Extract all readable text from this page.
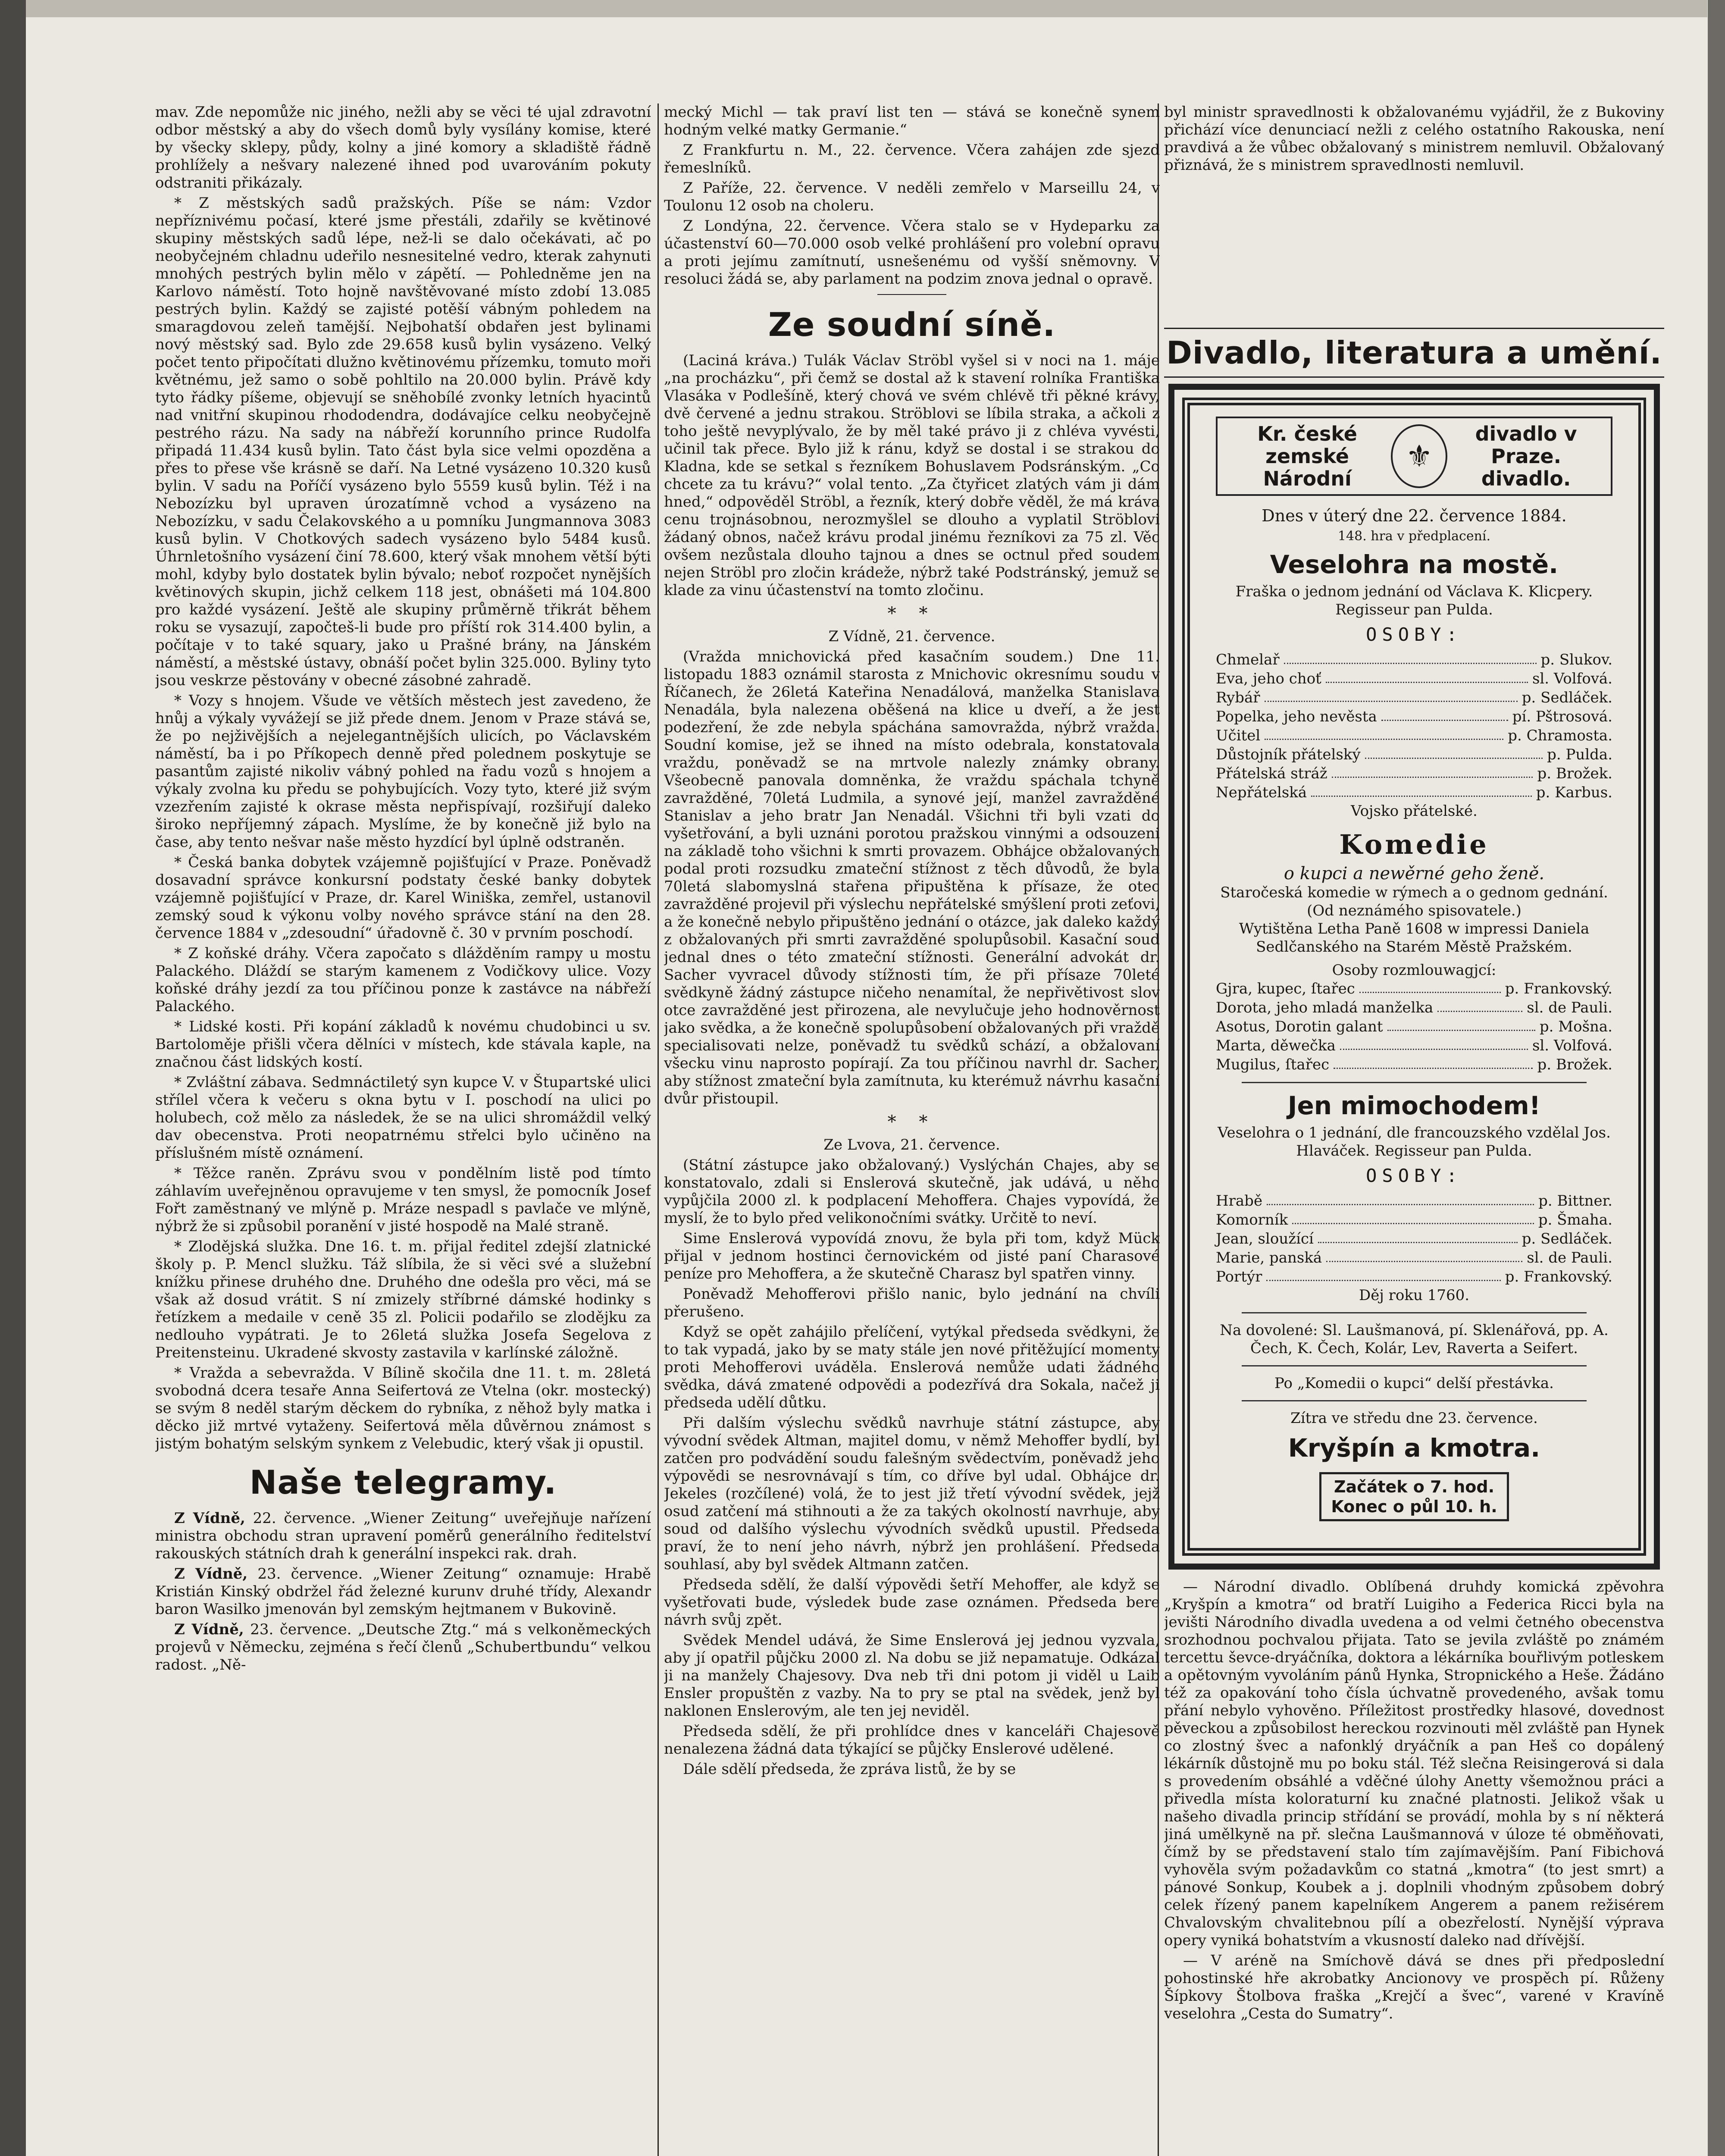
mav. Zde nepomůže nic jiného, nežli aby se věci té ujal zdravotní odbor městský a aby do všech domů byly vysílány komise, které by všecky sklepy, půdy, kolny a jiné komory a skladiště řádně prohlížely a nešvary nalezené ihned pod uvarováním pokuty odstraniti přikázaly.

* Z městských sadů pražských. Píše se nám: Vzdor nepříznivému počasí, které jsme přestáli, zdařily se květinové skupiny městských sadů lépe, než-li se dalo očekávati, ač po neobyčejném chladnu udeřilo nesnesitelné vedro, kterak zahynuti mnohých pestrých bylin mělo v zápětí. — Pohledněme jen na Karlovo náměstí. Toto hojně navštěvované místo zdobí 13.085 pestrých bylin. Každý se zajisté potěší vábným pohledem na smaragdovou zeleň tamější. Nejbohatší obdařen jest bylinami nový městský sad. Bylo zde 29.658 kusů bylin vysázeno. Velký počet tento připočítati dlužno květinovému přízemku, tomuto moři květnému, jež samo o sobě pohltilo na 20.000 bylin. Právě kdy tyto řádky píšeme, objevují se sněhobílé zvonky letních hyacintů nad vnitřní skupinou rhododendra, dodávajíce celku neobyčejně pestrého rázu. Na sady na nábřeží korunního prince Rudolfa připadá 11.434 kusů bylin. Tato část byla sice velmi opozděna a přes to přese vše krásně se daří. Na Letné vysázeno 10.320 kusů bylin. V sadu na Poříčí vysázeno bylo 5559 kusů bylin. Též i na Nebozízku byl upraven úrozatímně vchod a vysázeno na Nebozízku, v sadu Čelakovského a u pomníku Jungmannova 3083 kusů bylin. V Chotkových sadech vysázeno bylo 5484 kusů. Úhrnletošního vysázení činí 78.600, který však mnohem větší býti mohl, kdyby bylo dostatek bylin bývalo; neboť rozpočet nynějších květinových skupin, jichž celkem 118 jest, obnášeti má 104.800 pro každé vysázení. Ještě ale skupiny průměrně třikrát během roku se vysazují, započteš-li bude pro příští rok 314.400 bylin, a počítaje v to také squary, jako u Prašné brány, na Jánském náměstí, a městské ústavy, obnáší počet bylin 325.000. Byliny tyto jsou veskrze pěstovány v obecné zásobné zahradě.

* Vozy s hnojem. Všude ve větších městech jest zavedeno, že hnůj a výkaly vyvážejí se již přede dnem. Jenom v Praze stává se, že po nejživějších a nejelegantnějších ulicích, po Václavském náměstí, ba i po Příkopech denně před polednem poskytuje se pasantům zajisté nikoliv vábný pohled na řadu vozů s hnojem a výkaly zvolna ku předu se pohybujících. Vozy tyto, které již svým vzezřením zajisté k okrase města nepřispívají, rozšiřují daleko široko nepříjemný zápach. Myslíme, že by konečně již bylo na čase, aby tento nešvar naše město hyzdící byl úplně odstraněn.

* Česká banka dobytek vzájemně pojišťující v Praze. Poněvadž dosavadní správce konkursní podstaty české banky dobytek vzájemně pojišťující v Praze, dr. Karel Winiška, zemřel, ustanovil zemský soud k výkonu volby nového správce stání na den 28. července 1884 v „zdesoudní“ úřadovně č. 30 v prvním poschodí.

* Z koňské dráhy. Včera započato s dlážděním rampy u mostu Palackého. Dláždí se starým kamenem z Vodičkovy ulice. Vozy koňské dráhy jezdí za tou příčinou ponze k zastávce na nábřeží Palackého.

* Lidské kosti. Při kopání základů k novému chudobinci u sv. Bartoloměje přišli včera dělníci v místech, kde stávala kaple, na značnou část lidských kostí.

* Zvláštní zábava. Sedmnáctiletý syn kupce V. v Štupartské ulici střílel včera k večeru s okna bytu v I. poschodí na ulici po holubech, což mělo za následek, že se na ulici shromáždil velký dav obecenstva. Proti neopatrnému střelci bylo učiněno na příslušném místě oznámení.

* Těžce raněn. Zprávu svou v pondělním listě pod tímto záhlavím uveřejněnou opravujeme v ten smysl, že pomocník Josef Fořt zaměstnaný ve mlýně p. Mráze nespadl s pavlače ve mlýně, nýbrž že si způsobil poranění v jisté hospodě na Malé straně.

* Zlodějská služka. Dne 16. t. m. přijal ředitel zdejší zlatnické školy p. P. Mencl služku. Táž slíbila, že si věci své a služební knížku přinese druhého dne. Druhého dne odešla pro věci, má se však až dosud vrátit. S ní zmizely stříbrné dámské hodinky s řetízkem a medaile v ceně 35 zl. Policii podařilo se zlodějku za nedlouho vypátrati. Je to 26letá služka Josefa Segelova z Preitensteinu. Ukradené skvosty zastavila v karlínské záložně.

* Vražda a sebevražda. V Bílině skočila dne 11. t. m. 28letá svobodná dcera tesaře Anna Seifertová ze Vtelna (okr. mostecký) se svým 8 neděl starým děckem do rybníka, z něhož byly matka i děcko již mrtvé vytaženy. Seifertová měla důvěrnou známost s jistým bohatým selským synkem z Velebudic, který však ji opustil.

Naše telegramy.

Z Vídně, 22. července. „Wiener Zeitung“ uveřejňuje nařízení ministra obchodu stran upravení poměrů generálního ředitelství rakouských státních drah k generální inspekci rak. drah.

Z Vídně, 23. července. „Wiener Zeitung“ oznamuje: Hrabě Kristián Kinský obdržel řád železné kurunv druhé třídy, Alexandr baron Wasilko jmenován byl zemským hejtmanem v Bukovině.

Z Vídně, 23. července. „Deutsche Ztg.“ má s velkoněmeckých projevů v Německu, zejména s řečí členů „Schubertbundu“ velkou radost. „Ně-

mecký Michl — tak praví list ten — stává se konečně synem hodným velké matky Germanie.“

Z Frankfurtu n. M., 22. července. Včera zahájen zde sjezd řemeslníků.

Z Paříže, 22. července. V neděli zemřelo v Marseillu 24, v Toulonu 12 osob na choleru.

Z Londýna, 22. července. Včera stalo se v Hydeparku za účastenství 60—70.000 osob velké prohlášení pro volební opravu a proti jejímu zamítnutí, usnešenému od vyšší sněmovny. V resoluci žádá se, aby parlament na podzim znova jednal o opravě.

Ze soudní síně.

(Laciná kráva.) Tulák Václav Ströbl vyšel si v noci na 1. máje „na procházku“, při čemž se dostal až k stavení rolníka Františka Vlasáka v Podlešíně, který chová ve svém chlévě tři pěkné krávy, dvě červené a jednu strakou. Ströblovi se líbila straka, a ačkoli z toho ještě nevyplývalo, že by měl také právo ji z chléva vyvésti, učinil tak přece. Bylo již k ránu, když se dostal i se strakou do Kladna, kde se setkal s řezníkem Bohuslavem Podsránským. „Co chcete za tu krávu?“ volal tento. „Za čtyřicet zlatých vám ji dám hned,“ odpověděl Ströbl, a řezník, který dobře věděl, že má kráva cenu trojnásobnou, nerozmyšlel se dlouho a vyplatil Ströblovi žádaný obnos, načež krávu prodal jinému řezníkovi za 75 zl. Věc ovšem nezůstala dlouho tajnou a dnes se octnul před soudem nejen Ströbl pro zločin krádeže, nýbrž také Podstránský, jemuž se klade za vinu účastenství na tomto zločinu.

* *

Z Vídně, 21. července.

(Vražda mnichovická před kasačním soudem.) Dne 11. listopadu 1883 oznámil starosta z Mnichovic okresnímu soudu v Říčanech, že 26letá Kateřina Nenadálová, manželka Stanislava Nenadála, byla nalezena oběšená na klice u dveří, a že jest podezření, že zde nebyla spáchána samovražda, nýbrž vražda. Soudní komise, jež se ihned na místo odebrala, konstatovala vraždu, poněvadž se na mrtvole nalezly známky obrany. Všeobecně panovala domněnka, že vraždu spáchala tchyně zavražděné, 70letá Ludmila, a synové její, manžel zavražděné Stanislav a jeho bratr Jan Nenadál. Všichni tři byli vzati do vyšetřování, a byli uznáni porotou pražskou vinnými a odsouzeni na základě toho všichni k smrti provazem. Obhájce obžalovaných podal proti rozsudku zmateční stížnost z těch důvodů, že byla 70letá slabomyslná stařena připuštěna k přísaze, že otec zavražděné projevil při výslechu nepřátelské smýšlení proti zeťovi, a že konečně nebylo připuštěno jednání o otázce, jak daleko každý z obžalovaných při smrti zavražděné spolupůsobil. Kasační soud jednal dnes o této zmateční stížnosti. Generální advokát dr. Sacher vyvracel důvody stížnosti tím, že při přísaze 70leté svědkyně žádný zástupce ničeho nenamítal, že nepřivětivost slov otce zavražděné jest přirozena, ale nevylučuje jeho hodnověrnost jako svědka, a že konečně spolupůsobení obžalovaných při vraždě specialisovati nelze, poněvadž tu svědků schází, a obžalovaní všecku vinu naprosto popírají. Za tou příčinou navrhl dr. Sacher, aby stížnost zmateční byla zamítnuta, ku kterémuž návrhu kasační dvůr přistoupil.

* *

Ze Lvova, 21. července.

(Státní zástupce jako obžalovaný.) Vyslýchán Chajes, aby se konstatovalo, zdali si Enslerová skutečně, jak udává, u něho vypůjčila 2000 zl. k podplacení Mehoffera. Chajes vypovídá, že myslí, že to bylo před velikonočními svátky. Určitě to neví.

Sime Enslerová vypovídá znovu, že byla při tom, když Mück přijal v jednom hostinci černovickém od jisté paní Charasové peníze pro Mehoffera, a že skutečně Charasz byl spatřen vinny.

Poněvadž Mehofferovi přišlo nanic, bylo jednání na chvíli přerušeno.

Když se opět zahájilo přelíčení, vytýkal předseda svědkyni, že to tak vypadá, jako by se maty stále jen nové přitěžující momenty proti Mehofferovi uváděla. Enslerová nemůže udati žádného svědka, dává zmatené odpovědi a podezřívá dra Sokala, načež ji předseda udělí důtku.

Při dalším výslechu svědků navrhuje státní zástupce, aby vývodní svědek Altman, majitel domu, v němž Mehoffer bydlí, byl zatčen pro podvádění soudu falešným svědectvím, poněvadž jeho výpovědi se nesrovnávají s tím, co dříve byl udal. Obhájce dr. Jekeles (rozčílené) volá, že to jest již třetí vývodní svědek, jejž osud zatčení má stihnouti a že za takých okolností navrhuje, aby soud od dalšího výslechu vývodních svědků upustil. Předseda praví, že to není jeho návrh, nýbrž jen prohlášení. Předseda souhlasí, aby byl svědek Altmann zatčen.

Předseda sdělí, že další výpovědi šetří Mehoffer, ale když se vyšetřovati bude, výsledek bude zase oznámen. Předseda bere návrh svůj zpět.

Svědek Mendel udává, že Sime Enslerová jej jednou vyzvala, aby jí opatřil půjčku 2000 zl. Na dobu se již nepamatuje. Odkázal ji na manžely Chajesovy. Dva neb tři dni potom ji viděl u Laib Ensler propuštěn z vazby. Na to pry se ptal na svědek, jenž byl naklonen Enslerovým, ale ten jej neviděl.

Předseda sdělí, že při prohlídce dnes v kanceláři Chajesově nenalezena žádná data týkající se půjčky Enslerové udělené.

Dále sdělí předseda, že zpráva listů, že by se

byl ministr spravedlnosti k obžalovanému vyjádřil, že z Bukoviny přichází více denunciací nežli z celého ostatního Rakouska, není pravdivá a že vůbec obžalovaný s ministrem nemluvil. Obžalovaný přiznává, že s ministrem spravedlnosti nemluvil.

Divadlo, literatura a umění.
Kr. české zemské
Národní
⚜
divadlo v Praze.
divadlo.
Dnes v úterý dne 22. července 1884.
148. hra v předplacení.
Veselohra na mostě.
Fraška o jednom jednání od Václava K. Klicpery. Regisseur pan Pulda.
OSOBY:
Chmelař	p. Slukov.
Eva, jeho choť	sl. Volfová.
Rybář	p. Sedláček.
Popelka, jeho nevěsta	pí. Pštrosová.
Učitel	p. Chramosta.
Důstojník přátelský	p. Pulda.
Přátelská stráž	p. Brožek.
Nepřátelská	p. Karbus.
Vojsko přátelské.
Komedie
o kupci a newěrné geho ženě.
Staročeská komedie w rýmech a o gednom gednání.
(Od neznámého spisovatele.)
Wytištěna Letha Paně 1608 w impressi Daniela Sedlčanského na Starém Městě Pražském.
Osoby rozmlouwagjcí:
Gjra, kupec, ſtařec	p. Frankovský.
Dorota, jeho mladá manželka	sl. de Pauli.
Asotus, Dorotin galant	p. Mošna.
Marta, děwečka	sl. Volfová.
Mugilus, ſtařec	p. Brožek.
Jen mimochodem!
Veselohra o 1 jednání, dle francouzského vzdělal Jos. Hlaváček. Regisseur pan Pulda.
OSOBY:
Hrabě	p. Bittner.
Komorník	p. Šmaha.
Jean, sloužící	p. Sedláček.
Marie, panská	sl. de Pauli.
Portýr	p. Frankovský.
Děj roku 1760.
Na dovolené: Sl. Laušmanová, pí. Sklenářová, pp. A. Čech, K. Čech, Kolár, Lev, Raverta a Seifert.
Po „Komedii o kupci“ delší přestávka.
Zítra ve středu dne 23. července.
Kryšpín a kmotra.
Začátek o 7. hod.
Konec o půl 10. h.

— Národní divadlo. Oblíbená druhdy komická zpěvohra „Kryšpín a kmotra“ od bratří Luigiho a Federica Ricci byla na jevišti Národního divadla uvedena a od velmi četného obecenstva srozhodnou pochvalou přijata. Tato se jevila zvláště po známém tercettu ševce-dryáčníka, doktora a lékárníka bouřlivým potleskem a opětovným vyvoláním pánů Hynka, Stropnického a Heše. Žádáno též za opakování toho čísla úchvatně provedeného, avšak tomu přání nebylo vyhověno. Příležitost prostředky hlasové, dovednost pěveckou a způsobilost hereckou rozvinouti měl zvláště pan Hynek co zlostný švec a nafonklý dryáčník a pan Heš co dopálený lékárník důstojně mu po boku stál. Též slečna Reisingerová si dala s provedením obsáhlé a vděčné úlohy Anetty všemožnou práci a přivedla místa koloraturní ku značné platnosti. Jelikož však u našeho divadla princip střídání se provádí, mohla by s ní některá jiná umělkyně na př. slečna Laušmannová v úloze té obměňovati, čímž by se představení stalo tím zajímavějším. Paní Fibichová vyhověla svým požadavkům co statná „kmotra“ (to jest smrt) a pánové Sonkup, Koubek a j. doplnili vhodným způsobem dobrý celek řízený panem kapelníkem Angerem a panem režisérem Chvalovským chvalitebnou pílí a obezřelostí. Nynější výprava opery vyniká bohatstvím a vkusností daleko nad dřívější.

— V aréně na Smíchově dává se dnes při předposlední pohostinské hře akrobatky Ancionovy ve prospěch pí. Růženy Šípkovy Štolbova fraška „Krejčí a švec“, varené v Kravíně veselohra „Cesta do Sumatry“.
